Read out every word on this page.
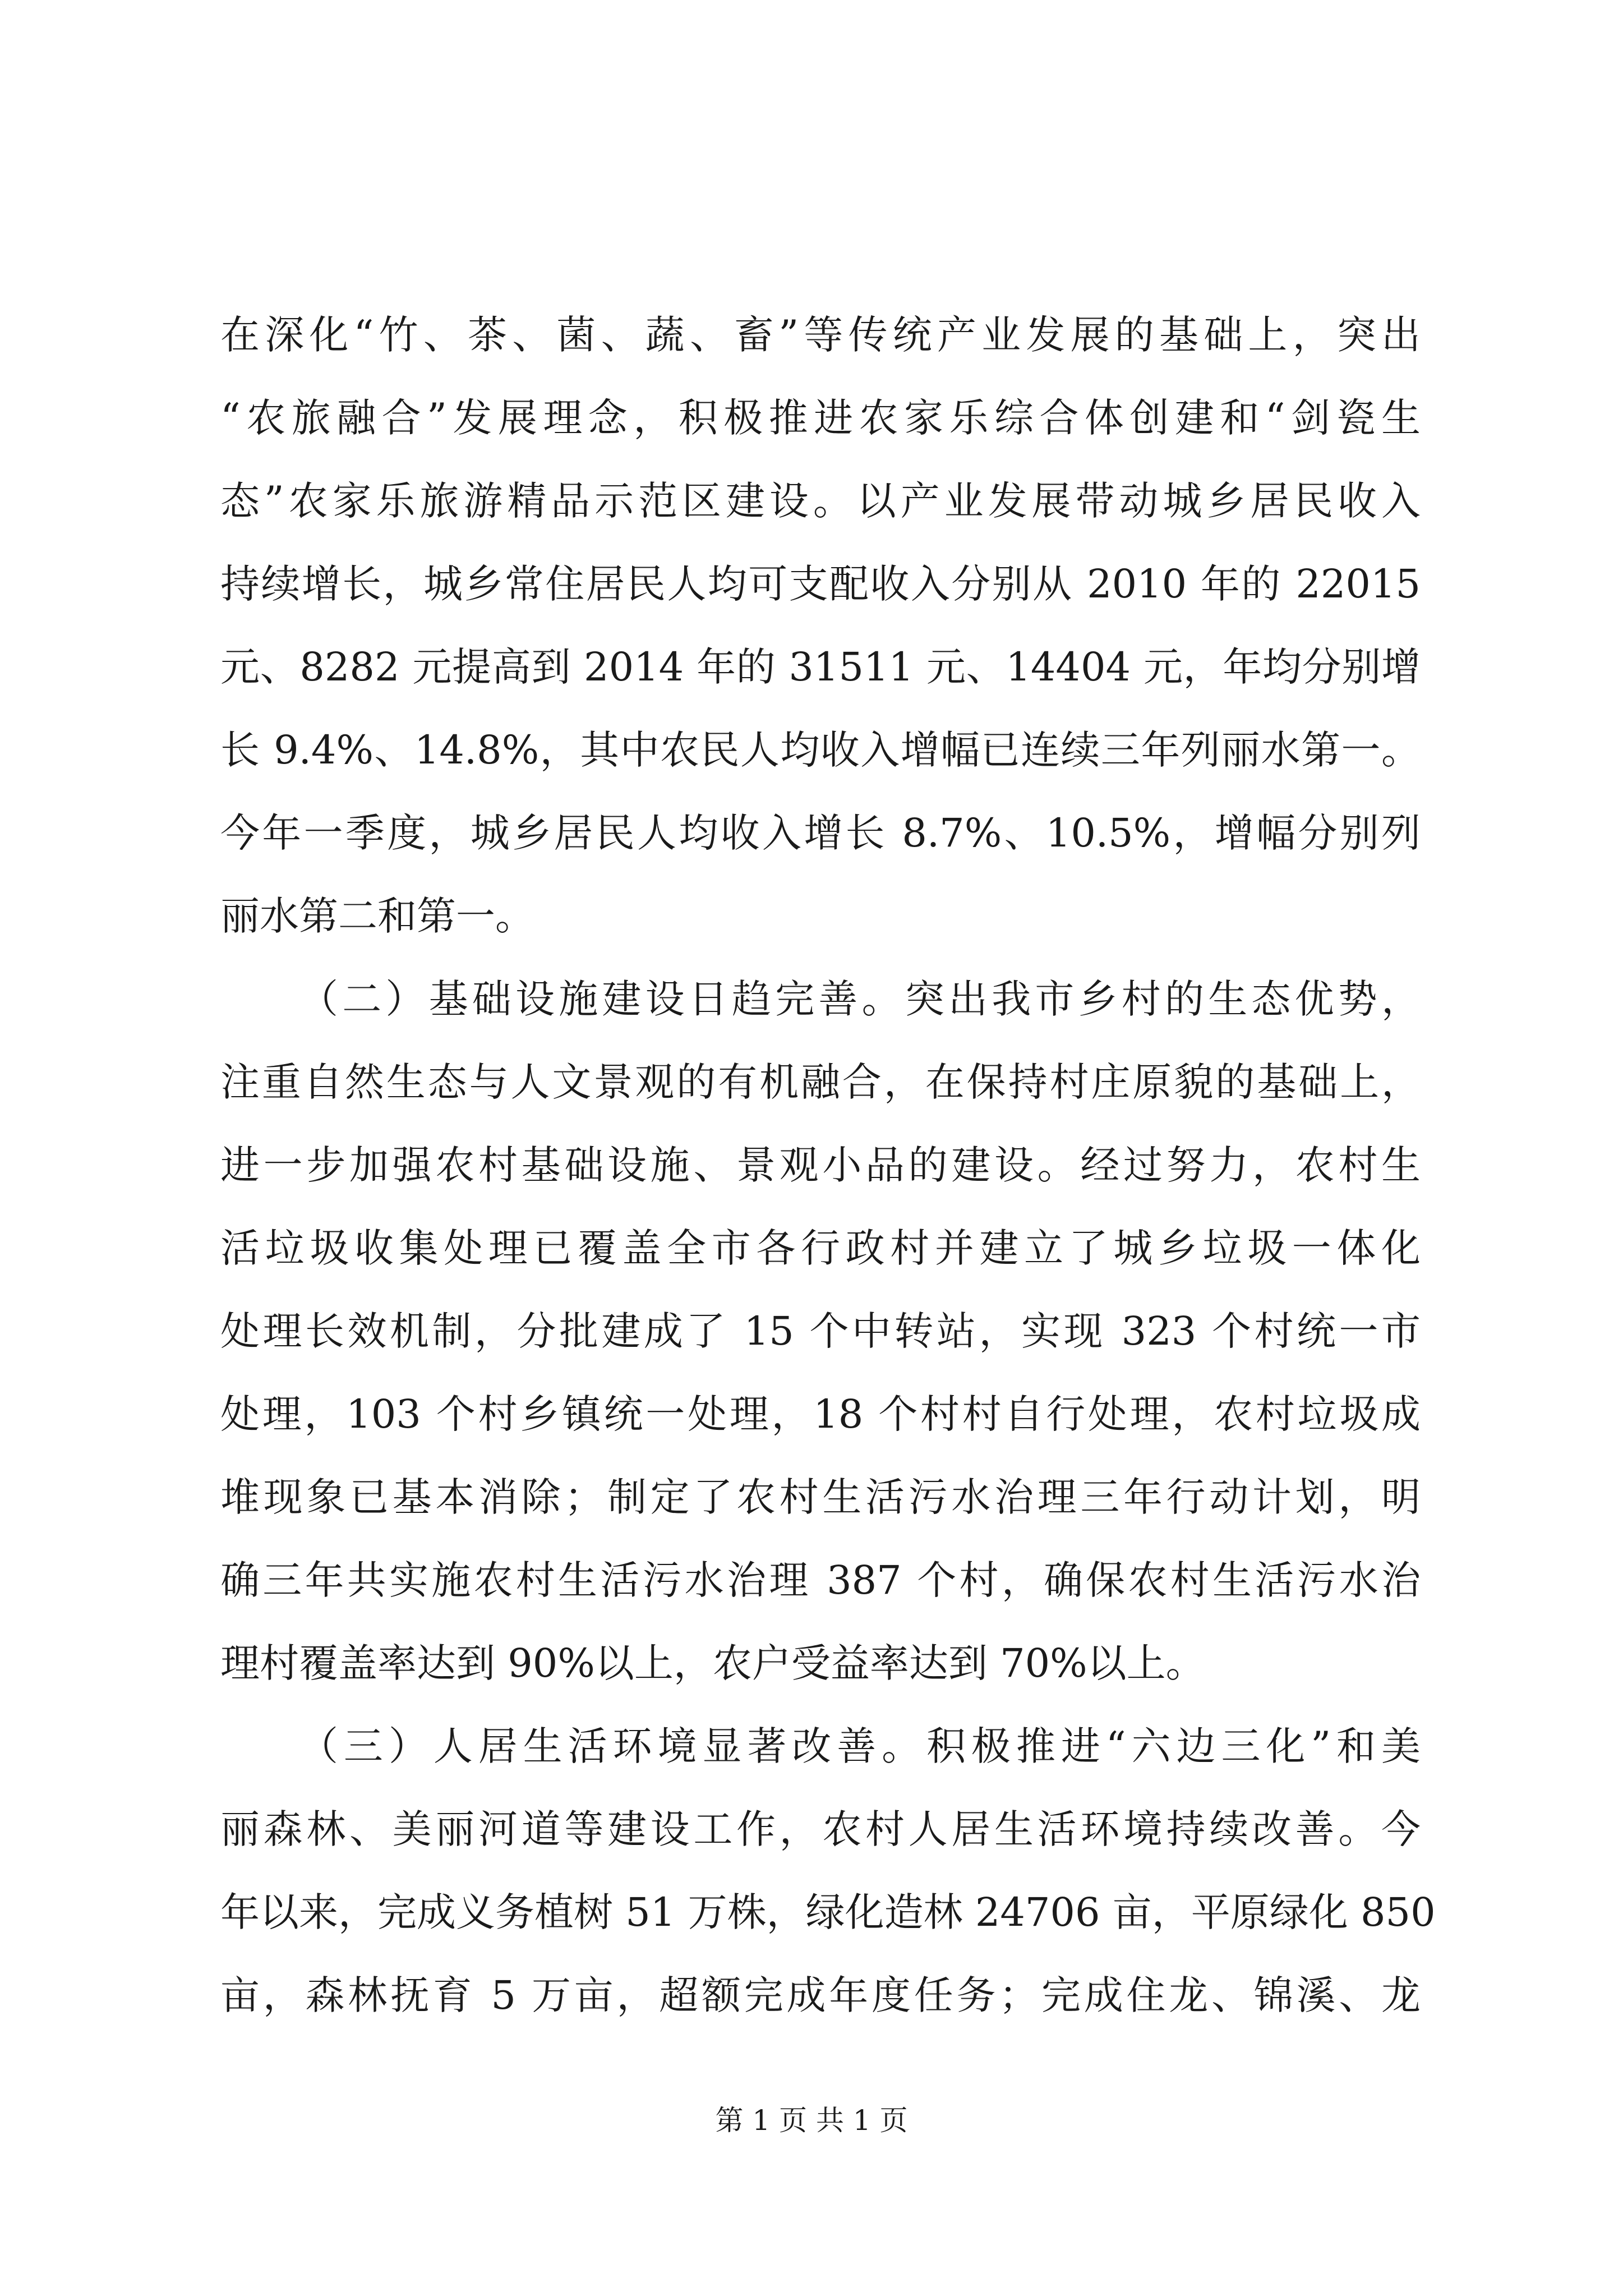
在深化“竹、茶、菌、蔬、畜”等传统产业发展的基础上，突出
“农旅融合”发展理念，积极推进农家乐综合体创建和“剑瓷生
态”农家乐旅游精品示范区建设。以产业发展带动城乡居民收入
持续增长，城乡常住居民人均可支配收入分别从 2010 年的 22015
元、8282 元提高到 2014 年的 31511 元、14404 元，年均分别增
长 9.4%、14.8%，其中农民人均收入增幅已连续三年列丽水第一。
今年一季度，城乡居民人均收入增长 8.7%、10.5%，增幅分别列
丽水第二和第一。
（二）基础设施建设日趋完善。突出我市乡村的生态优势，
注重自然生态与人文景观的有机融合，在保持村庄原貌的基础上，
进一步加强农村基础设施、景观小品的建设。经过努力，农村生
活垃圾收集处理已覆盖全市各行政村并建立了城乡垃圾一体化
处理长效机制，分批建成了 15 个中转站，实现 323 个村统一市
处理，103 个村乡镇统一处理，18 个村村自行处理，农村垃圾成
堆现象已基本消除；制定了农村生活污水治理三年行动计划，明
确三年共实施农村生活污水治理 387 个村，确保农村生活污水治
理村覆盖率达到 90%以上，农户受益率达到 70%以上。
（三）人居生活环境显著改善。积极推进“六边三化”和美
丽森林、美丽河道等建设工作，农村人居生活环境持续改善。今
年以来，完成义务植树 51 万株，绿化造林 24706 亩，平原绿化 850
亩，森林抚育 5 万亩，超额完成年度任务；完成住龙、锦溪、龙
第 1 页 共 1 页
